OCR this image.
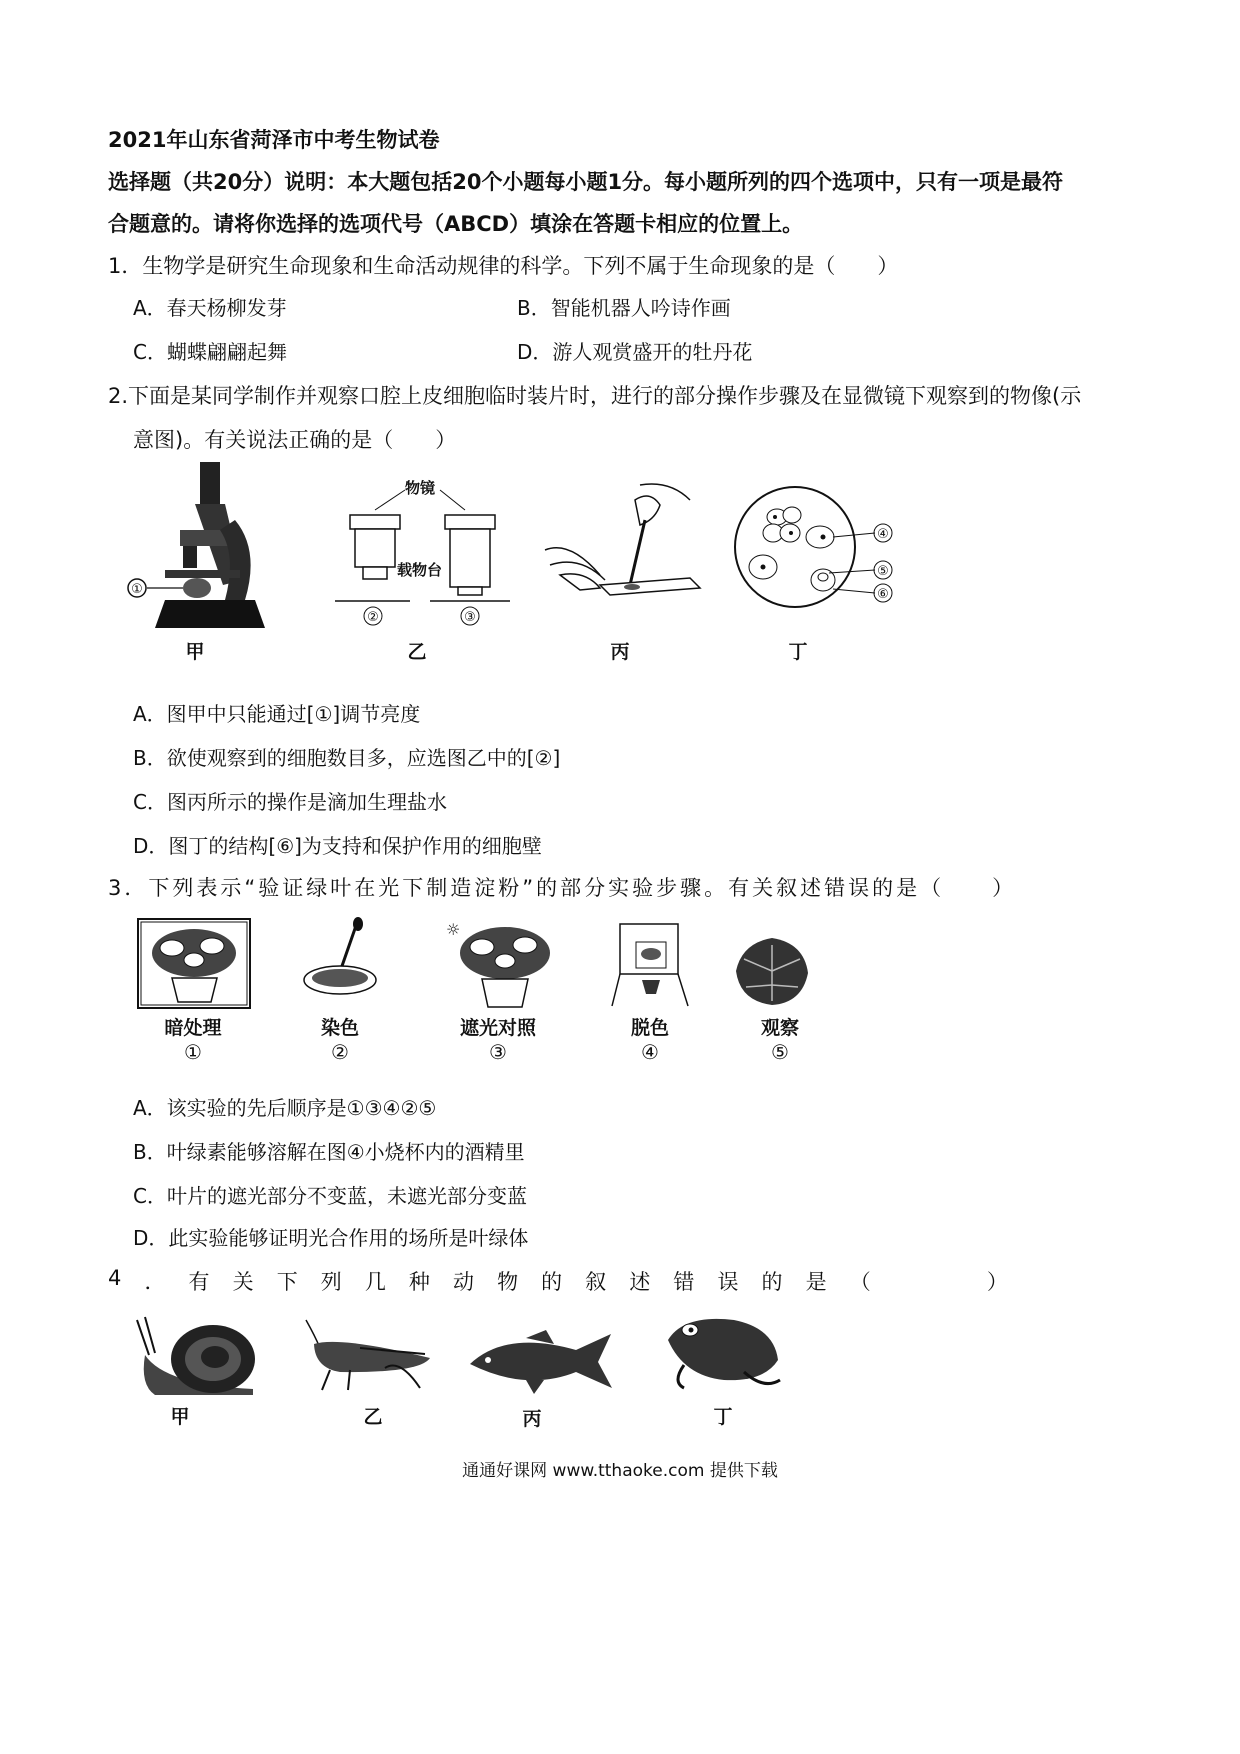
2021年山东省菏泽市中考生物试卷
选择题（共20分）说明：本大题包括20个小题每小题1分。每小题所列的四个选项中，只有一项是最符
合题意的。请将你选择的选项代号（ABCD）填涂在答题卡相应的位置上。
1．生物学是研究生命现象和生命活动规律的科学。下列不属于生命现象的是（　　）
A．春天杨柳发芽	B．智能机器人吟诗作画
C．蝴蝶翩翩起舞	D．游人观赏盛开的牡丹花
2.下面是某同学制作并观察口腔上皮细胞临时装片时，进行的部分操作步骤及在显微镜下观察到的物像(示
意图)。有关说法正确的是（　　）
①
物镜
载物台
②	③
④
⑤
⑥
甲	乙	丙	丁
A．图甲中只能通过[①]调节亮度
B．欲使观察到的细胞数目多，应选图乙中的[②]
C．图丙所示的操作是滴加生理盐水
D．图丁的结构[⑥]为支持和保护作用的细胞壁
3．下列表示“验证绿叶在光下制造淀粉”的部分实验步骤。有关叙述错误的是（　　）
☼
暗处理	染色	遮光对照	脱色	观察
①	②	③	④	⑤
A．该实验的先后顺序是①③④②⑤
B．叶绿素能够溶解在图④小烧杯内的酒精里
C．叶片的遮光部分不变蓝，未遮光部分变蓝
D．此实验能够证明光合作用的场所是叶绿体
4 ． 有 关 下 列 几 种 动 物 的 叙 述 错 误 的 是 （	）
甲	乙	丙	丁
通通好课网 www.tthaoke.com 提供下载
